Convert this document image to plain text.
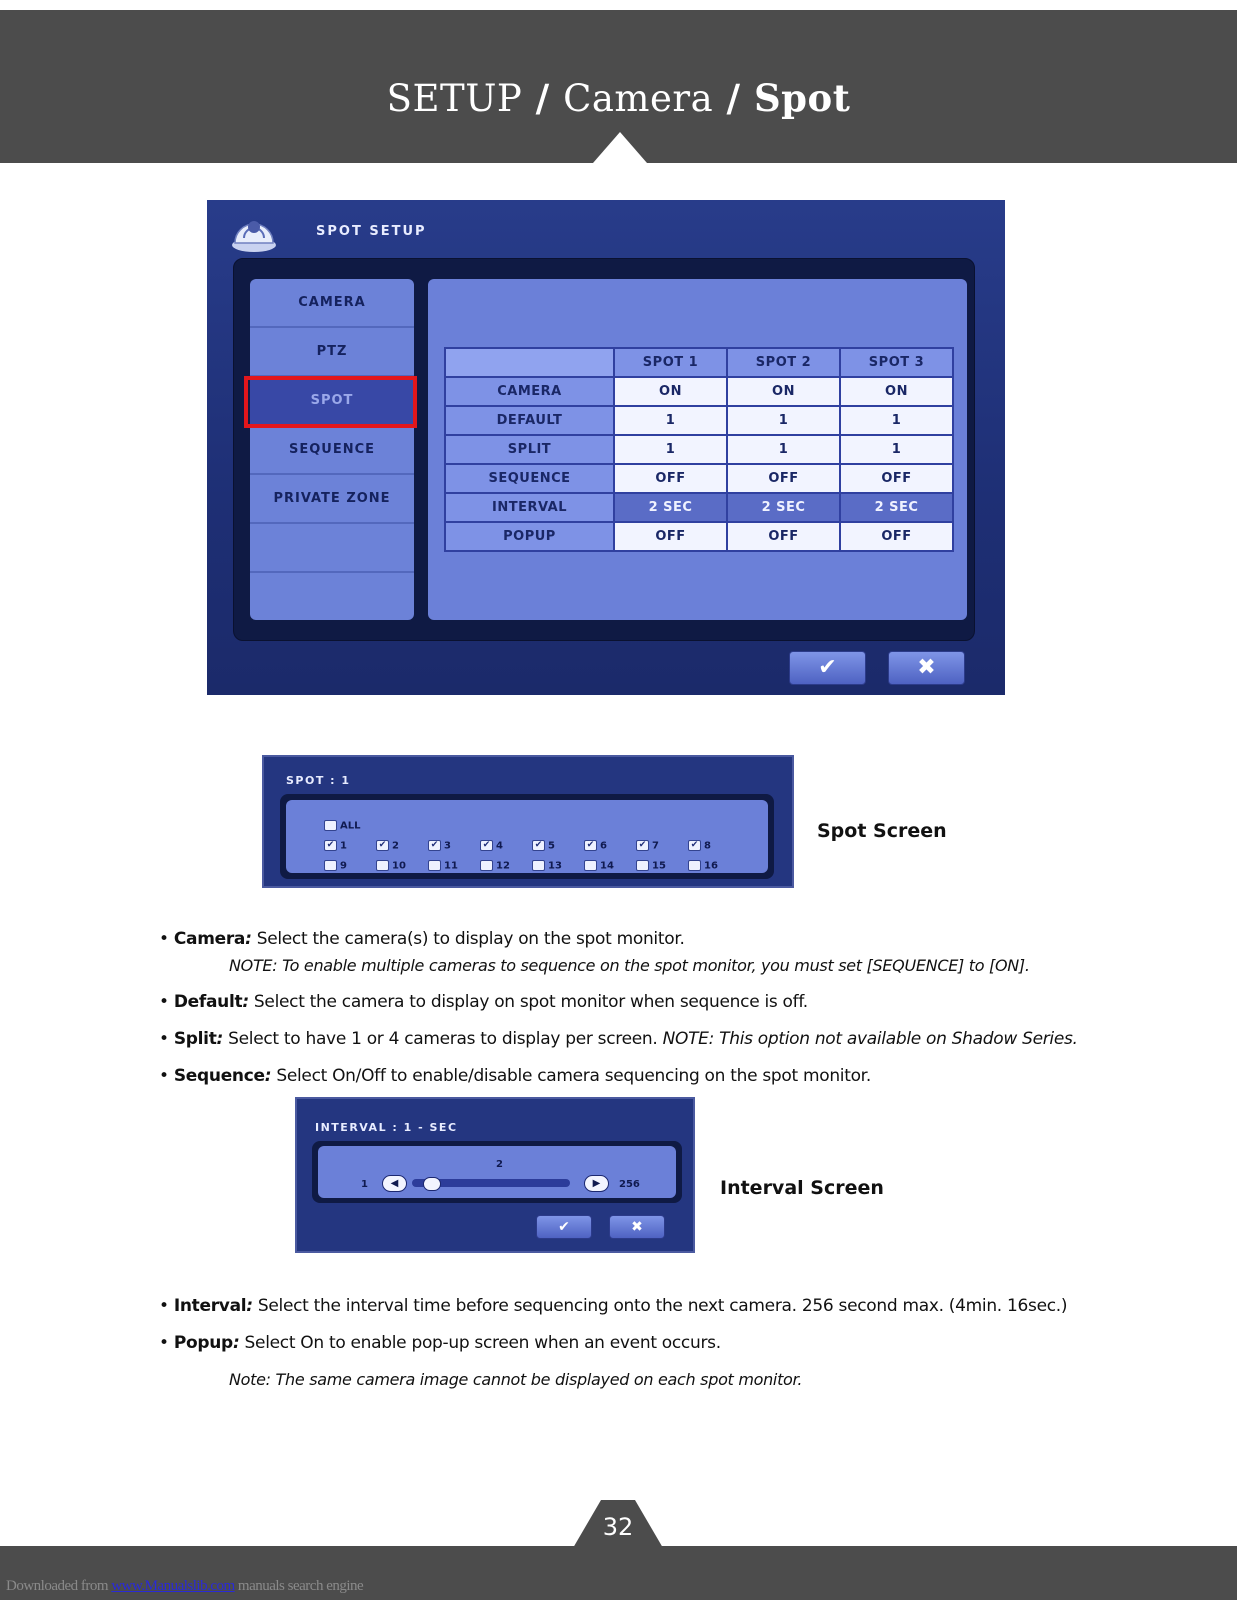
SETUP / Camera / Spot
SPOT SETUP
CAMERA
PTZ
SPOT
SEQUENCE
PRIVATE ZONE
	SPOT 1	SPOT 2	SPOT 3
CAMERA	ON	ON	ON
DEFAULT	1	1	1
SPLIT	1	1	1
SEQUENCE	OFF	OFF	OFF
INTERVAL	2 SEC	2 SEC	2 SEC
POPUP	OFF	OFF	OFF
✔	✖
SPOT : 1
ALL
✔ 1	✔ 2	✔ 3	✔ 4	✔ 5	✔ 6	✔ 7	✔ 8
9	10	11	12	13	14	15	16
Spot Screen
• Camera: Select the camera(s) to display on the spot monitor.
NOTE: To enable multiple cameras to sequence on the spot monitor, you must set [SEQUENCE] to [ON].
• Default: Select the camera to display on spot monitor when sequence is off.
• Split: Select to have 1 or 4 cameras to display per screen. NOTE: This option not available on Shadow Series.
• Sequence: Select On/Off to enable/disable camera sequencing on the spot monitor.
INTERVAL : 1 - SEC
2
1	◀	▶	256
✔	✖
Interval Screen
• Interval: Select the interval time before sequencing onto the next camera. 256 second max. (4min. 16sec.)
• Popup: Select On to enable pop-up screen when an event occurs.
Note: The same camera image cannot be displayed on each spot monitor.
32
Downloaded from www.Manualslib.com manuals search engine
